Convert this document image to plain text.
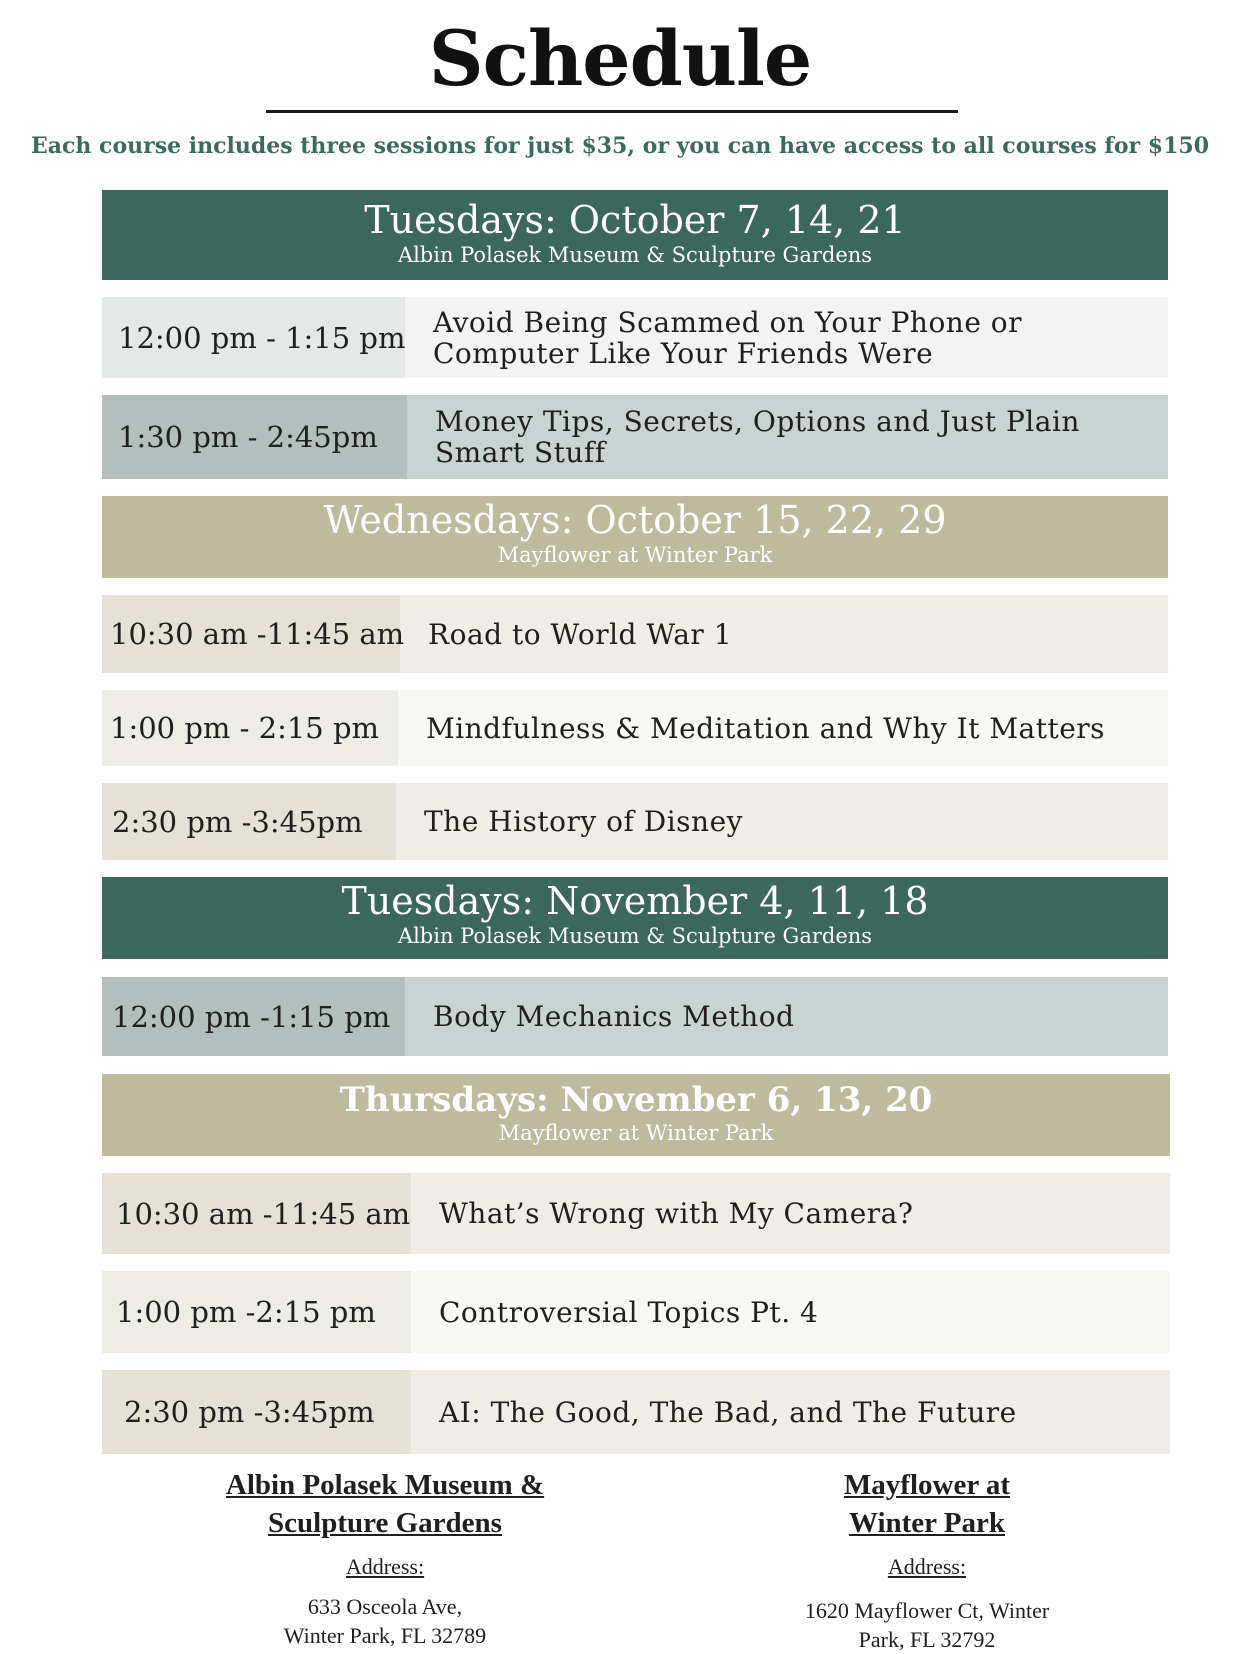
Schedule
Each course includes three sessions for just $35, or you can have access to all courses for $150
Tuesdays: October 7, 14, 21
Albin Polasek Museum & Sculpture Gardens
12:00 pm - 1:15 pm Avoid Being Scammed on Your Phone or Computer Like Your Friends Were
1:30 pm - 2:45pm	Money Tips, Secrets, Options and Just Plain Smart Stuff
Wednesdays: October 15, 22, 29
Mayflower at Winter Park
10:30 am -11:45 am Road to World War 1
1:00 pm - 2:15 pm	Mindfulness & Meditation and Why It Matters
2:30 pm -3:45pm	The History of Disney
Tuesdays: November 4, 11, 18
Albin Polasek Museum & Sculpture Gardens
12:00 pm -1:15 pm	Body Mechanics Method
Thursdays: November 6, 13, 20
Mayflower at Winter Park
10:30 am -11:45 am	What’s Wrong with My Camera?
1:00 pm -2:15 pm	Controversial Topics Pt. 4
2:30 pm -3:45pm	AI: The Good, The Bad, and The Future
Albin Polasek Museum &
Sculpture Gardens
Address:
633 Osceola Ave,
Winter Park, FL 32789
Mayflower at
Winter Park
Address:
1620 Mayflower Ct, Winter
Park, FL 32792
